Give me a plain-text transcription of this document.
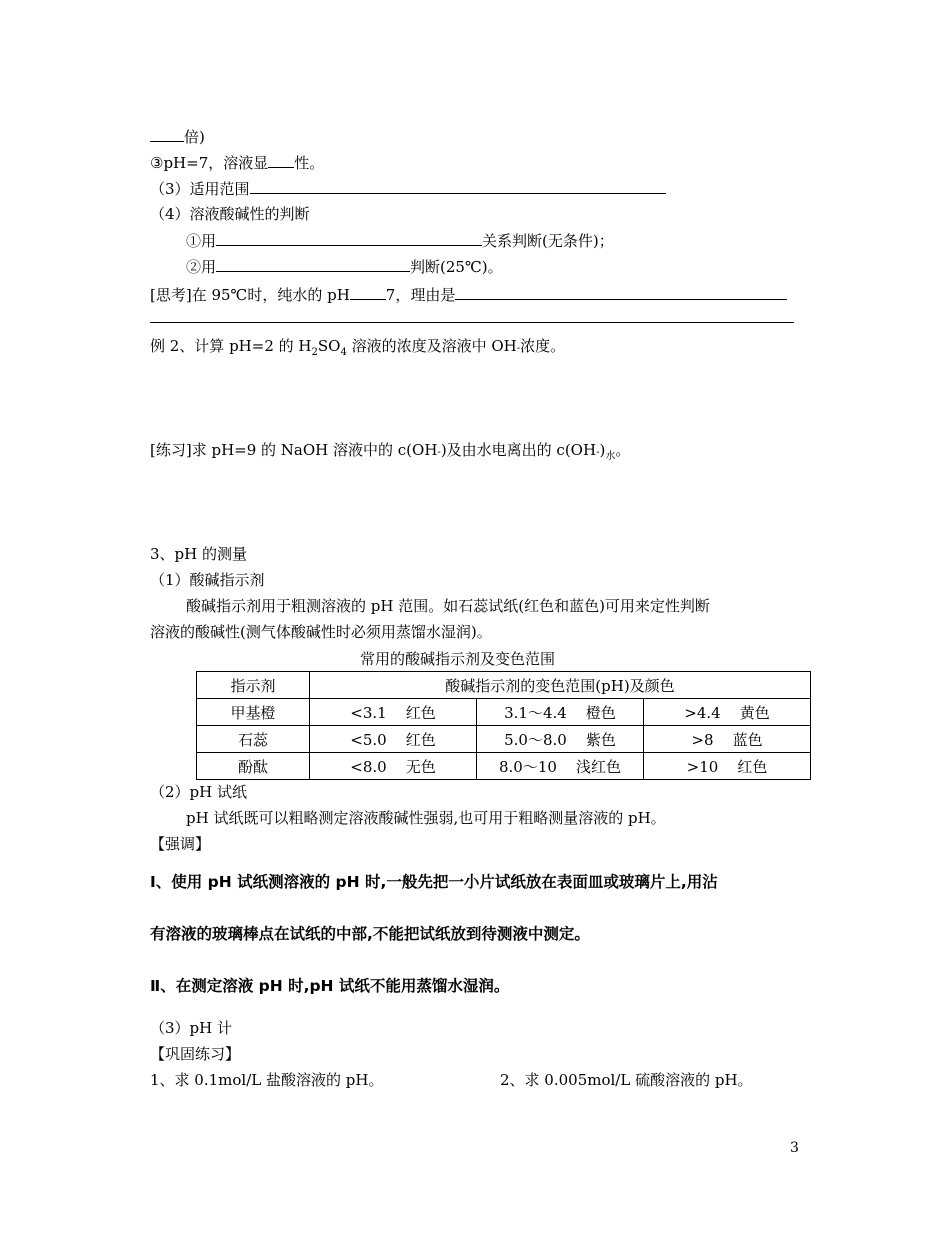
倍)
③pH=7，溶液显 性。
（3）适用范围
（4）溶液酸碱性的判断
①用	关系判断(无条件)；
②用	判断(25℃)。
[思考]在 95℃时，纯水的 pH 7，理由是
例 2、计算 pH=2 的 $H_2SO_4$ 溶液的浓度及溶液中 OH-浓度。
[练习]求 pH=9 的 NaOH 溶液中的 c(OH-)及由水电离出的 $c(OH-)_水$。
3、pH 的测量
（1）酸碱指示剂
酸碱指示剂用于粗测溶液的 pH 范围。如石蕊试纸(红色和蓝色)可用来定性判断
溶液的酸碱性(测气体酸碱性时必须用蒸馏水湿润)。
常用的酸碱指示剂及变色范围
指示剂	酸碱指示剂的变色范围(pH)及颜色		
甲基橙	<3.1    红色	3.1～4.4    橙色	>4.4    黄色
石蕊	<5.0    红色	5.0～8.0    紫色	>8    蓝色
酚酞	<8.0    无色	8.0～10    浅红色	>10    红色
（2）pH 试纸
pH 试纸既可以粗略测定溶液酸碱性强弱,也可用于粗略测量溶液的 pH。
【强调】
Ⅰ、使用 pH 试纸测溶液的 pH 时,一般先把一小片试纸放在表面皿或玻璃片上,用沾
有溶液的玻璃棒点在试纸的中部,不能把试纸放到待测液中测定。
Ⅱ、在测定溶液 pH 时,pH 试纸不能用蒸馏水湿润。
（3）pH 计
【巩固练习】
1、求 0.1mol/L 盐酸溶液的 pH。	2、求 0.005mol/L 硫酸溶液的 pH。
3
